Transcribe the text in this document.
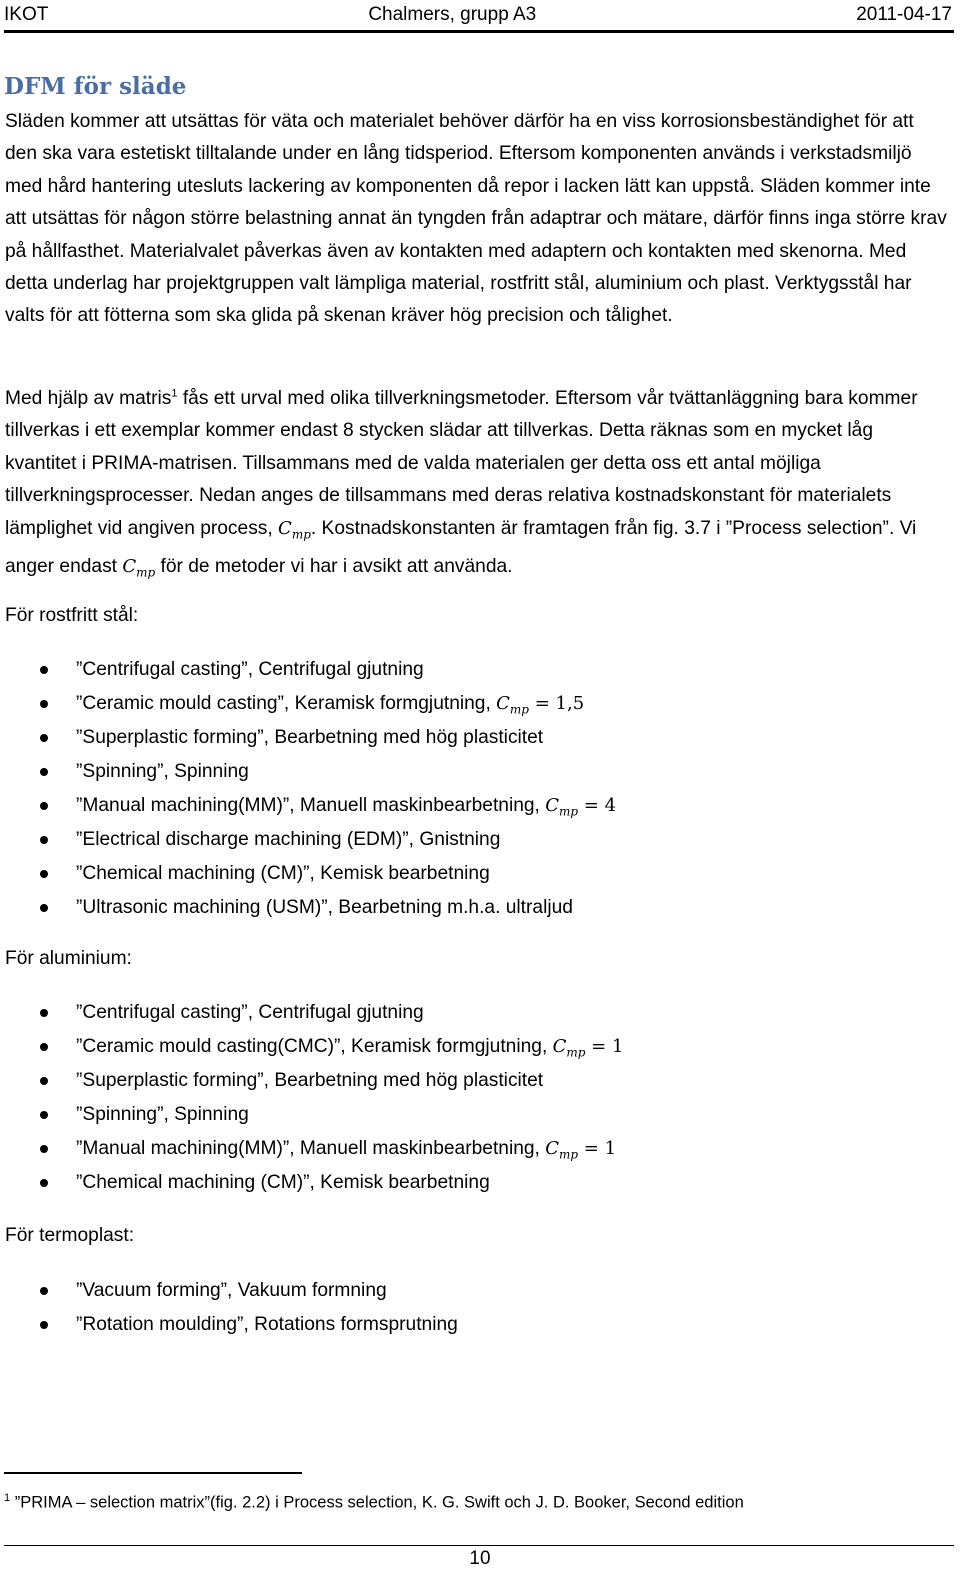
IKOT	Chalmers, grupp A3	2011-04-17
DFM för släde

Släden kommer att utsättas för väta och materialet behöver därför ha en viss korrosionsbeständighet för att den ska vara estetiskt tilltalande under en lång tidsperiod. Eftersom komponenten används i verkstadsmiljö med hård hantering utesluts lackering av komponenten då repor i lacken lätt kan uppstå. Släden kommer inte att utsättas för någon större belastning annat än tyngden från adaptrar och mätare, därför finns inga större krav på hållfasthet. Materialvalet påverkas även av kontakten med adaptern och kontakten med skenorna. Med detta underlag har projektgruppen valt lämpliga material, rostfritt stål, aluminium och plast. Verktygsstål har valts för att fötterna som ska glida på skenan kräver hög precision och tålighet.

Med hjälp av matris$^1$ fås ett urval med olika tillverkningsmetoder. Eftersom vår tvättanläggning bara kommer tillverkas i ett exemplar kommer endast 8 stycken slädar att tillverkas. Detta räknas som en mycket låg kvantitet i PRIMA-matrisen. Tillsammans med de valda materialen ger detta oss ett antal möjliga tillverkningsprocesser. Nedan anges de tillsammans med deras relativa kostnadskonstant för materialets lämplighet vid angiven process, $C_{mp}$. Kostnadskonstanten är framtagen från fig. 3.7 i ”Process selection”. Vi anger endast $C_{mp}$ för de metoder vi har i avsikt att använda.

För rostfritt stål:

”Centrifugal casting”, Centrifugal gjutning
”Ceramic mould casting”, Keramisk formgjutning, $C_{mp} = 1,5$
”Superplastic forming”, Bearbetning med hög plasticitet
”Spinning”, Spinning
”Manual machining(MM)”, Manuell maskinbearbetning, $C_{mp} = 4$
”Electrical discharge machining (EDM)”, Gnistning
”Chemical machining (CM)”, Kemisk bearbetning
”Ultrasonic machining (USM)”, Bearbetning m.h.a. ultraljud

För aluminium:

”Centrifugal casting”, Centrifugal gjutning
”Ceramic mould casting(CMC)”, Keramisk formgjutning, $C_{mp} = 1$
”Superplastic forming”, Bearbetning med hög plasticitet
”Spinning”, Spinning
”Manual machining(MM)”, Manuell maskinbearbetning, $C_{mp} = 1$
”Chemical machining (CM)”, Kemisk bearbetning

För termoplast:

”Vacuum forming”, Vakuum formning
”Rotation moulding”, Rotations formsprutning

$^1$ ”PRIMA – selection matrix”(fig. 2.2) i Process selection, K. G. Swift och J. D. Booker, Second edition

10
